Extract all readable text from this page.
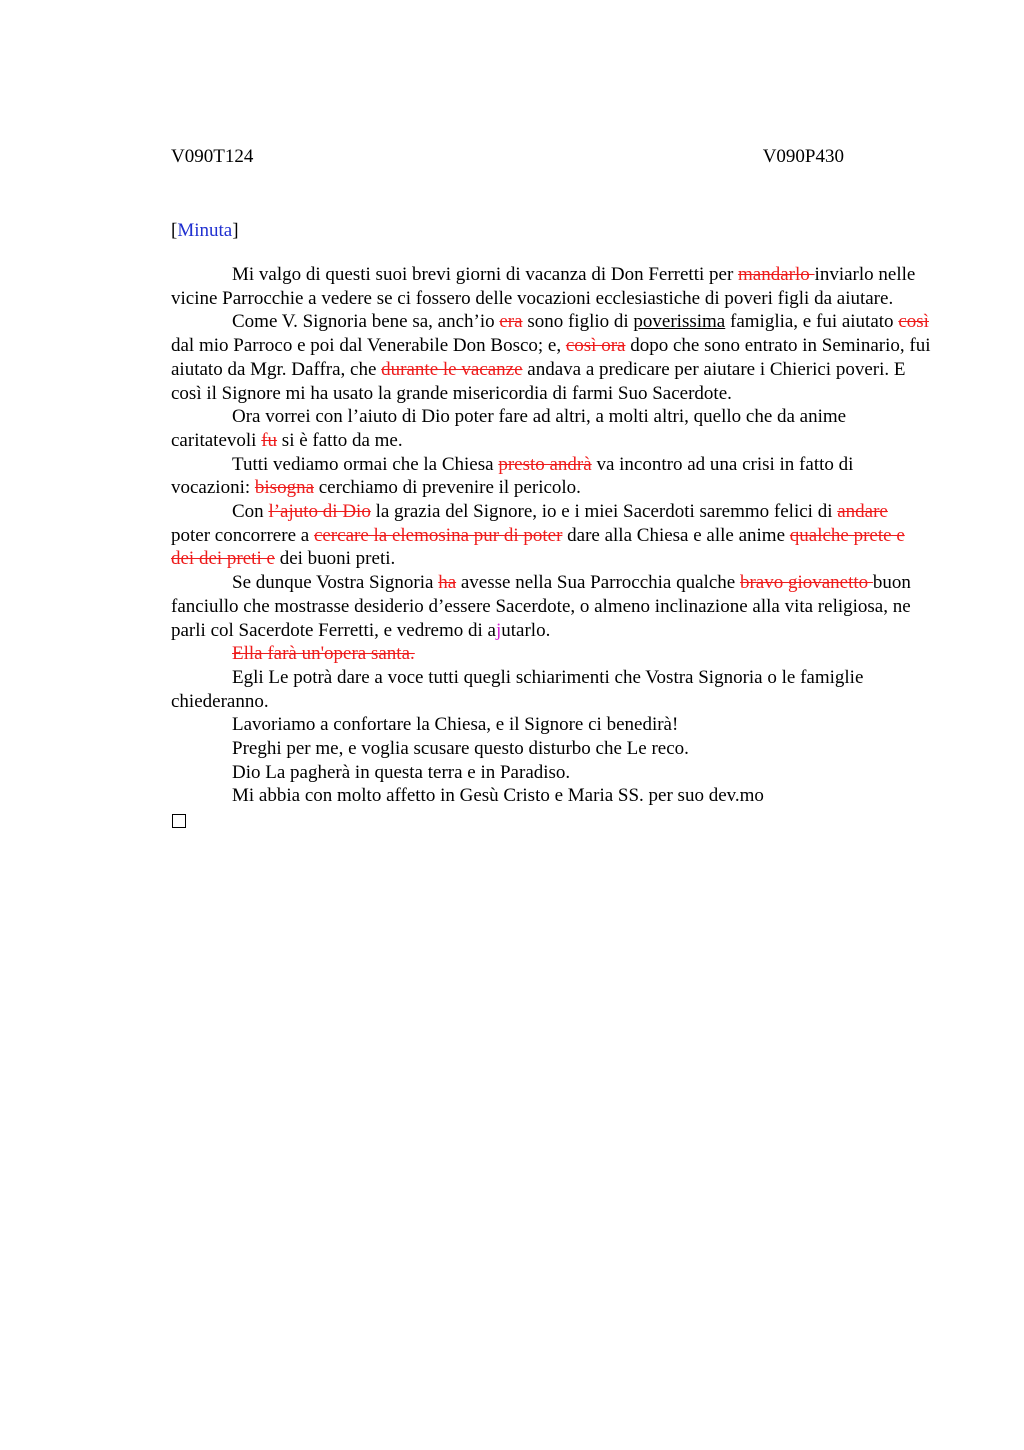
V090T124	V090P430
[Minuta]

Mi valgo di questi suoi brevi giorni di vacanza di Don Ferretti per mandarlo inviarlo nelle vicine Parrocchie a vedere se ci fossero delle vocazioni ecclesiastiche di poveri figli da aiutare.

Come V. Signoria bene sa, anch’io era sono figlio di poverissima famiglia, e fui aiutato così dal mio Parroco e poi dal Venerabile Don Bosco; e, così ora dopo che sono entrato in Seminario, fui aiutato da Mgr. Daffra, che durante le vacanze andava a predicare per aiutare i Chierici poveri. E così il Signore mi ha usato la grande misericordia di farmi Suo Sacerdote.

Ora vorrei con l’aiuto di Dio poter fare ad altri, a molti altri, quello che da anime caritatevoli fu si è fatto da me.

Tutti vediamo ormai che la Chiesa presto andrà va incontro ad una crisi in fatto di vocazioni: bisogna cerchiamo di prevenire il pericolo.

Con l’ajuto di Dio la grazia del Signore, io e i miei Sacerdoti saremmo felici di andare poter concorrere a cercare la elemosina pur di poter dare alla Chiesa e alle anime qualche prete e dei dei preti e dei buoni preti.

Se dunque Vostra Signoria ha avesse nella Sua Parrocchia qualche bravo giovanetto buon fanciullo che mostrasse desiderio d’essere Sacerdote, o almeno inclinazione alla vita religiosa, ne parli col Sacerdote Ferretti, e vedremo di ajutarlo.

Ella farà un'opera santa.

Egli Le potrà dare a voce tutti quegli schiarimenti che Vostra Signoria o le famiglie chiederanno.

Lavoriamo a confortare la Chiesa, e il Signore ci benedirà!

Preghi per me, e voglia scusare questo disturbo che Le reco.

Dio La pagherà in questa terra e in Paradiso.

Mi abbia con molto affetto in Gesù Cristo e Maria SS. per suo dev.mo
